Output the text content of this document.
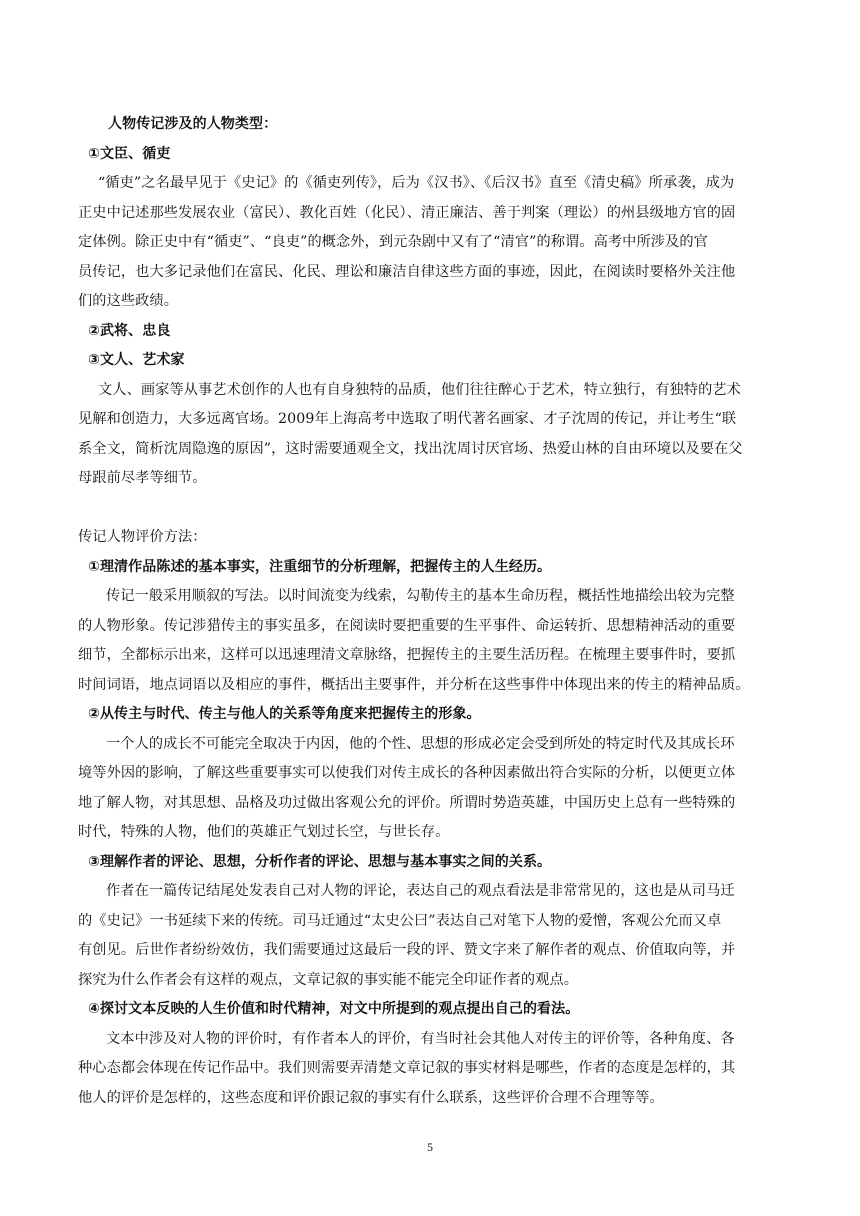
人物传记涉及的人物类型：
①文臣、循吏
“循吏”之名最早见于《史记》的《循吏列传》，后为《汉书》、《后汉书》直至《清史稿》所承袭，成为
正史中记述那些发展农业（富民）、教化百姓（化民）、清正廉洁、善于判案（理讼）的州县级地方官的固
定体例。除正史中有“循吏”、“良吏”的概念外，到元杂剧中又有了“清官”的称谓。高考中所涉及的官
员传记，也大多记录他们在富民、化民、理讼和廉洁自律这些方面的事迹，因此，在阅读时要格外关注他
们的这些政绩。
②武将、忠良
③文人、艺术家
文人、画家等从事艺术创作的人也有自身独特的品质，他们往往醉心于艺术，特立独行，有独特的艺术
见解和创造力，大多远离官场。2009年上海高考中选取了明代著名画家、才子沈周的传记，并让考生“联
系全文，简析沈周隐逸的原因”，这时需要通观全文，找出沈周讨厌官场、热爱山林的自由环境以及要在父
母跟前尽孝等细节。
传记人物评价方法：
①理清作品陈述的基本事实，注重细节的分析理解，把握传主的人生经历。
传记一般采用顺叙的写法。以时间流变为线索，勾勒传主的基本生命历程，概括性地描绘出较为完整
的人物形象。传记涉猎传主的事实虽多，在阅读时要把重要的生平事件、命运转折、思想精神活动的重要
细节，全都标示出来，这样可以迅速理清文章脉络，把握传主的主要生活历程。在梳理主要事件时，要抓
时间词语，地点词语以及相应的事件，概括出主要事件，并分析在这些事件中体现出来的传主的精神品质。
②从传主与时代、传主与他人的关系等角度来把握传主的形象。
一个人的成长不可能完全取决于内因，他的个性、思想的形成必定会受到所处的特定时代及其成长环
境等外因的影响，了解这些重要事实可以使我们对传主成长的各种因素做出符合实际的分析，以便更立体
地了解人物，对其思想、品格及功过做出客观公允的评价。所谓时势造英雄，中国历史上总有一些特殊的
时代，特殊的人物，他们的英雄正气划过长空，与世长存。
③理解作者的评论、思想，分析作者的评论、思想与基本事实之间的关系。
作者在一篇传记结尾处发表自己对人物的评论，表达自己的观点看法是非常常见的，这也是从司马迁
的《史记》一书延续下来的传统。司马迁通过“太史公曰”表达自己对笔下人物的爱憎，客观公允而又卓
有创见。后世作者纷纷效仿，我们需要通过这最后一段的评、赞文字来了解作者的观点、价值取向等，并
探究为什么作者会有这样的观点，文章记叙的事实能不能完全印证作者的观点。
④探讨文本反映的人生价值和时代精神，对文中所提到的观点提出自己的看法。
文本中涉及对人物的评价时，有作者本人的评价，有当时社会其他人对传主的评价等，各种角度、各
种心态都会体现在传记作品中。我们则需要弄清楚文章记叙的事实材料是哪些，作者的态度是怎样的，其
他人的评价是怎样的，这些态度和评价跟记叙的事实有什么联系，这些评价合理不合理等等。
5
